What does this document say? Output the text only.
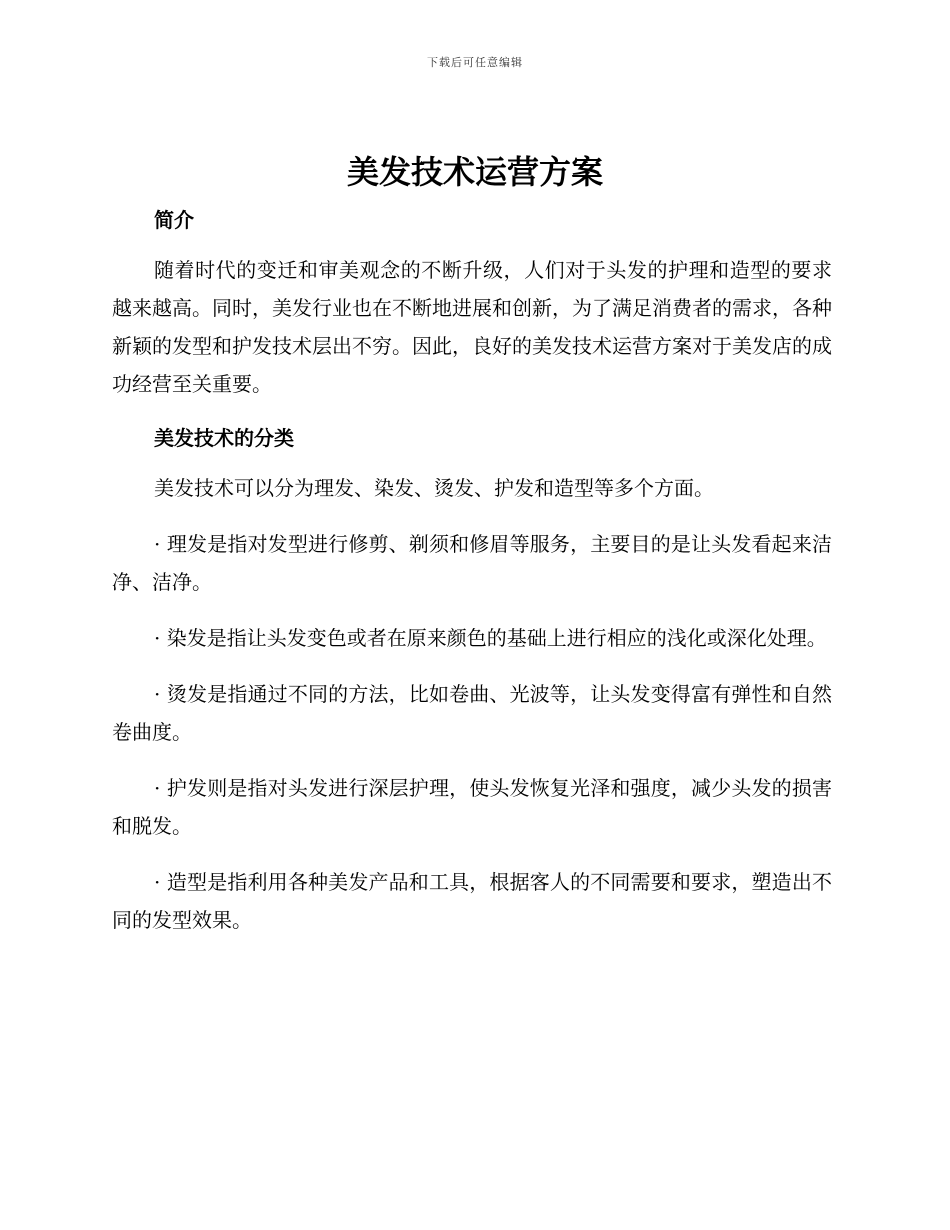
下载后可任意编辑
美发技术运营方案
简介

随着时代的变迁和审美观念的不断升级，人们对于头发的护理和造型的要求越来越高。同时，美发行业也在不断地进展和创新，为了满足消费者的需求，各种新颖的发型和护发技术层出不穷。因此，良好的美发技术运营方案对于美发店的成功经营至关重要。

美发技术的分类

美发技术可以分为理发、染发、烫发、护发和造型等多个方面。

· 理发是指对发型进行修剪、剃须和修眉等服务，主要目的是让头发看起来洁净、洁净。

· 染发是指让头发变色或者在原来颜色的基础上进行相应的浅化或深化处理。

· 烫发是指通过不同的方法，比如卷曲、光波等，让头发变得富有弹性和自然卷曲度。

· 护发则是指对头发进行深层护理，使头发恢复光泽和强度，减少头发的损害和脱发。

· 造型是指利用各种美发产品和工具，根据客人的不同需要和要求，塑造出不同的发型效果。
